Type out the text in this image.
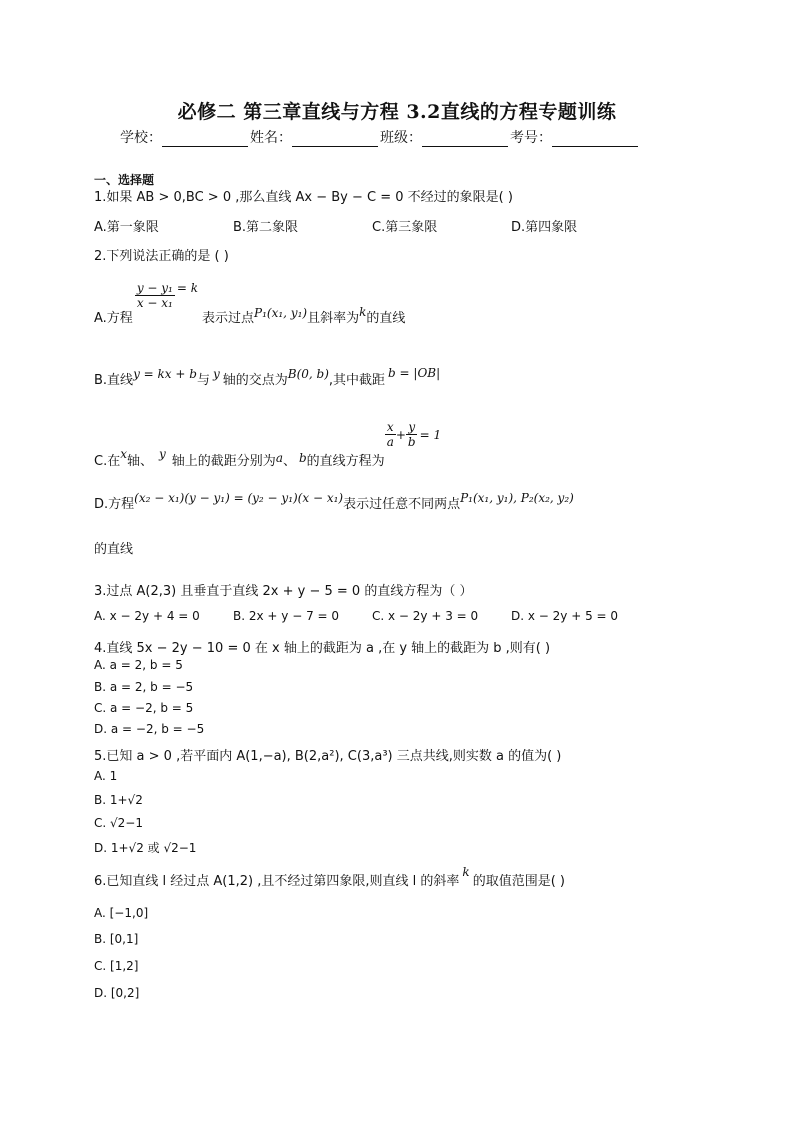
必修二 第三章直线与方程 3.2直线的方程专题训练
学校：	姓名：	班级：	考号：
一、选择题
1.如果 AB > 0,BC > 0 ,那么直线 Ax − By − C = 0 不经过的象限是( )
A.第一象限	B.第二象限	C.第三象限	D.第四象限
2.下列说法正确的是 ( )
A.方程
$\frac{\text{y − y₁}}{\text{x − x₁}} = k$
表示过点 P₁(x₁, y₁) 且斜率为 k 的直线
B.直线 y = kx + b 与 y 轴的交点为 B(0, b) ,其中截距 b = |OB|
C.在 x 轴、 y 轴上的截距分别为 a 、 b 的直线方程为
$\frac{x}{a} + \frac{y}{b} = 1$
D.方程 (x₂ − x₁)(y − y₁) = (y₂ − y₁)(x − x₁) 表示过任意不同两点 P₁(x₁, y₁), P₂(x₂, y₂)
的直线
3.过点 A(2,3) 且垂直于直线 2x + y − 5 = 0 的直线方程为（ ）
A. x − 2y + 4 = 0	B. 2x + y − 7 = 0	C. x − 2y + 3 = 0	D. x − 2y + 5 = 0
4.直线 5x − 2y − 10 = 0 在 x 轴上的截距为 a ,在 y 轴上的截距为 b ,则有( )
A. a = 2, b = 5
B. a = 2, b = −5
C. a = −2, b = 5
D. a = −2, b = −5
5.已知 a > 0 ,若平面内 A(1,−a), B(2,a²), C(3,a³) 三点共线,则实数 a 的值为( )
A. 1
B. 1+√2
C. √2−1
D. 1+√2 或 √2−1
6.已知直线 l 经过点 A(1,2) ,且不经过第四象限,则直线 l 的斜率
k
的取值范围是( )
A. [−1,0]
B. [0,1]
C. [1,2]
D. [0,2]
